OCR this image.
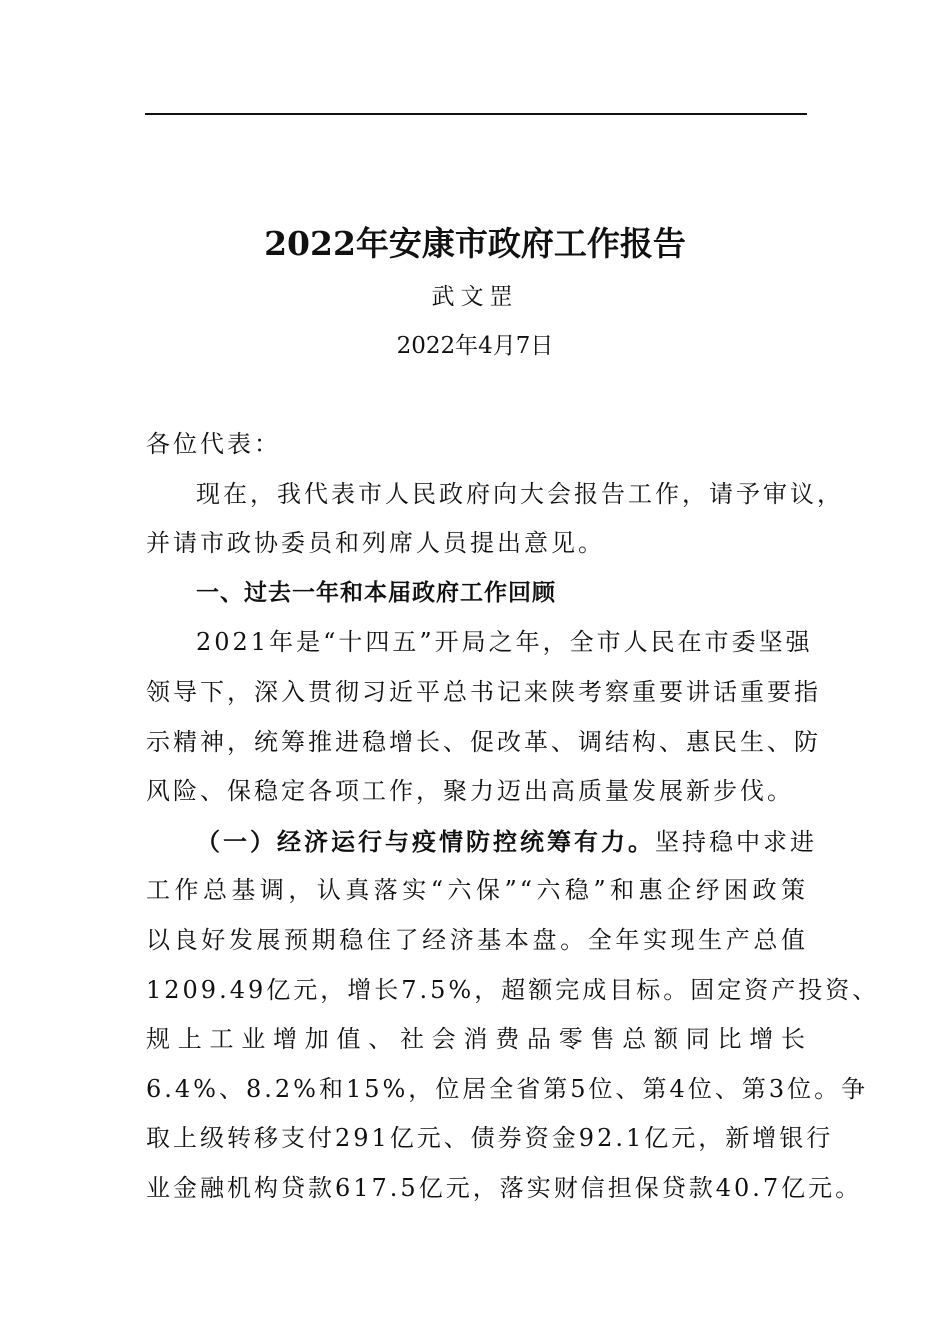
2022年安康市政府工作报告
武文罡
2022年4月7日
各位代表：
现在，我代表市人民政府向大会报告工作，请予审议，
并请市政协委员和列席人员提出意见。
一、过去一年和本届政府工作回顾
2021年是“十四五”开局之年，全市人民在市委坚强
领导下，深入贯彻习近平总书记来陕考察重要讲话重要指
示精神，统筹推进稳增长、促改革、调结构、惠民生、防
风险、保稳定各项工作，聚力迈出高质量发展新步伐。
（一）经济运行与疫情防控统筹有力。坚持稳中求进
工作总基调，认真落实“六保”“六稳”和惠企纾困政策
以良好发展预期稳住了经济基本盘。全年实现生产总值
1209.49亿元，增长7.5%，超额完成目标。固定资产投资、
规上工业增加值、社会消费品零售总额同比增长
6.4%、8.2%和15%，位居全省第5位、第4位、第3位。争
取上级转移支付291亿元、债券资金92.1亿元，新增银行
业金融机构贷款617.5亿元，落实财信担保贷款40.7亿元。
